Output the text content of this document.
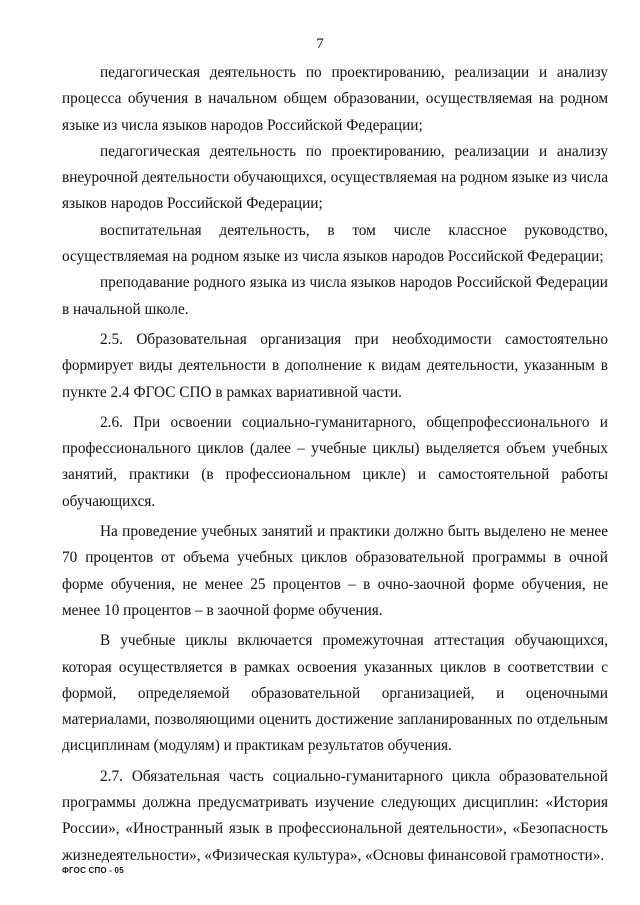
7

педагогическая деятельность по проектированию, реализации и анализу процесса обучения в начальном общем образовании, осуществляемая на родном языке из числа языков народов Российской Федерации;

педагогическая деятельность по проектированию, реализации и анализу внеурочной деятельности обучающихся, осуществляемая на родном языке из числа языков народов Российской Федерации;

воспитательная деятельность, в том числе классное руководство, осуществляемая на родном языке из числа языков народов Российской Федерации;

преподавание родного языка из числа языков народов Российской Федерации в начальной школе.

2.5. Образовательная организация при необходимости самостоятельно формирует виды деятельности в дополнение к видам деятельности, указанным в пункте 2.4 ФГОС СПО в рамках вариативной части.

2.6. При освоении социально-гуманитарного, общепрофессионального и профессионального циклов (далее – учебные циклы) выделяется объем учебных занятий, практики (в профессиональном цикле) и самостоятельной работы обучающихся.

На проведение учебных занятий и практики должно быть выделено не менее 70 процентов от объема учебных циклов образовательной программы в очной форме обучения, не менее 25 процентов – в очно-заочной форме обучения, не менее 10 процентов – в заочной форме обучения.

В учебные циклы включается промежуточная аттестация обучающихся, которая осуществляется в рамках освоения указанных циклов в соответствии с формой, определяемой образовательной организацией, и оценочными материалами, позволяющими оценить достижение запланированных по отдельным дисциплинам (модулям) и практикам результатов обучения.

2.7. Обязательная часть социально-гуманитарного цикла образовательной программы должна предусматривать изучение следующих дисциплин: «История России», «Иностранный язык в профессиональной деятельности», «Безопасность жизнедеятельности», «Физическая культура», «Основы финансовой грамотности».

ФГОС СПО - 05
